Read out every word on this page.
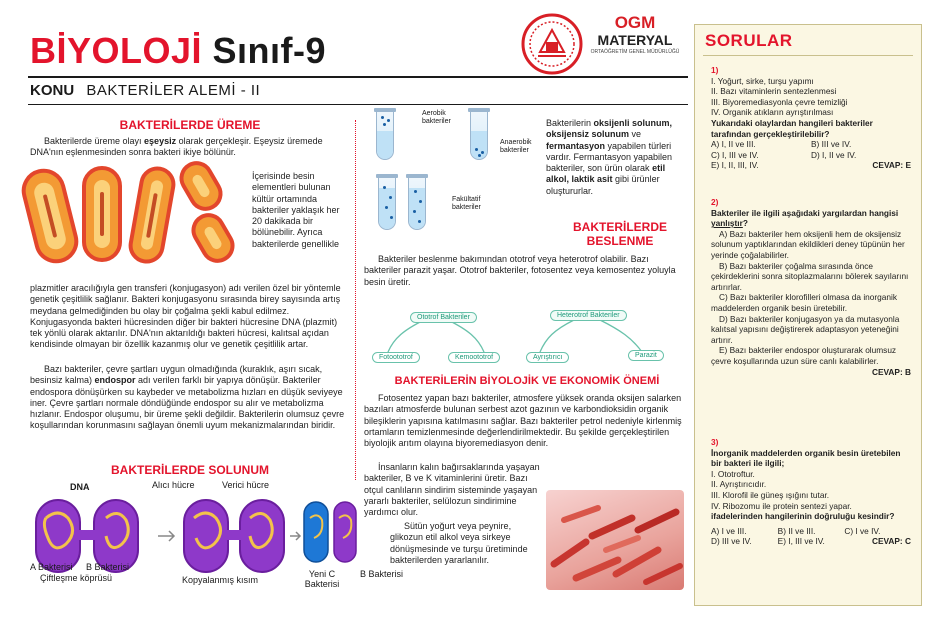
BİYOLOJİ Sınıf-9
KONU BAKTERİLER ALEMİ - II
OGM
MATERYAL
ORTAÖĞRETİM GENEL MÜDÜRLÜĞÜ
BAKTERİLERDE ÜREME
Bakterilerde üreme olayı eşeysiz olarak gerçekleşir. Eşeysiz üremede DNA'nın eşlenmesinden sonra bakteri ikiye bölünür.
İçerisinde besin elementleri bulunan kültür ortamında bakteriler yaklaşık her 20 dakikada bir bölünebilir. Ayrıca bakterilerde genellikle
plazmitler aracılığıyla gen transferi (konjugasyon) adı verilen özel bir yöntemle genetik çeşitlilik sağlanır. Bakteri konjugasyonu sırasında birey sayısında artış meydana gelmediğinden bu olay bir çoğalma şekli kabul edilmez. Konjugasyonda bakteri hücresinden diğer bir bakteri hücresine DNA (plazmit) tek yönlü olarak aktarılır. DNA'nın aktarıldığı bakteri hücresi, kalıtsal açıdan kendisinde olmayan bir özellik kazanmış olur ve genetik çeşitlilik artar.
Bazı bakteriler, çevre şartları uygun olmadığında (kuraklık, aşırı sıcak, besinsiz kalma) endospor adı verilen farklı bir yapıya dönüşür. Bakteriler endospora dönüşürken su kaybeder ve metabolizma hızları en düşük seviyeye iner. Çevre şartları normale döndüğünde endospor su alır ve metabolizma hızlanır. Endospor oluşumu, bir üreme şekli değildir. Bakterilerin olumsuz çevre koşullarından korunmasını sağlayan önemli uyum mekanizmalarından biridir.
BAKTERİLERDE SOLUNUM
DNA	Alıcı hücre	Verici hücre
A Bakterisi B Bakterisi
Çiftleşme köprüsü	Kopyalanmış kısım
Yeni C Bakterisi
B Bakterisi
Aerobik bakteriler
Anaerobik bakteriler
Fakültatif bakteriler
Bakterilerin oksijenli solunum, oksijensiz solunum ve fermantasyon yapabilen türleri vardır. Fermantasyon yapabilen bakteriler, son ürün olarak etil alkol, laktik asit gibi ürünler oluştururlar.
BAKTERİLERDE
BESLENME
Bakteriler beslenme bakımından ototrof veya heterotrof olabilir. Bazı bakteriler parazit yaşar. Ototrof bakteriler, fotosentez veya kemosentez yoluyla besin üretir.
Ototrof Bakteriler	Heterotrof Bakteriler
Fotoototrof	Kemoototrof	Ayrıştırıcı	Parazit
BAKTERİLERİN BİYOLOJİK VE EKONOMİK ÖNEMİ
Fotosentez yapan bazı bakteriler, atmosfere yüksek oranda oksijen salarken bazıları atmosferde bulunan serbest azot gazının ve karbondioksidin organik bileşiklerin yapısına katılmasını sağlar. Bazı bakteriler petrol nedeniyle kirlenmiş ortamların temizlenmesinde değerlendirilmektedir. Bu şekilde gerçekleştirilen biyolojik arıtım olayına biyoremediasyon denir.
İnsanların kalın bağırsaklarında yaşayan bakteriler, B ve K vitaminlerini üretir. Bazı otçul canlıların sindirim sisteminde yaşayan yararlı bakteriler, selülozun sindirimine yardımcı olur.
Sütün yoğurt veya peynire, glikozun etil alkol veya sirkeye dönüşmesinde ve turşu üretiminde bakterilerden yararlanılır.
SORULAR
1)
I. Yoğurt, sirke, turşu yapımı
II. Bazı vitaminlerin sentezlenmesi
III. Biyoremediasyonla çevre temizliği
IV. Organik atıkların ayrıştırılması
Yukarıdaki olaylardan hangileri bakteriler tarafından gerçekleştirilebilir?
A) I, II ve III.	B) III ve IV.
C) I, III ve IV.	D) I, II ve IV.
E) I, II, III, IV.	CEVAP: E
2)
Bakteriler ile ilgili aşağıdaki yargılardan hangisi yanlıştır?
A) Bazı bakteriler hem oksijenli hem de oksijensiz solunum yaptıklarından ekildikleri deney tüpünün her yerinde çoğalabilirler.
B) Bazı bakteriler çoğalma sırasında önce çekirdeklerini sonra sitoplazmalarını bölerek sayılarını artırırlar.
C) Bazı bakteriler klorofilleri olmasa da inorganik maddelerden organik besin üretebilir.
D) Bazı bakteriler konjugasyon ya da mutasyonla kalıtsal yapısını değiştirerek adaptasyon yeteneğini artırır.
E) Bazı bakteriler endospor oluşturarak olumsuz çevre koşullarında uzun süre canlı kalabilirler.
CEVAP: B
3)
İnorganik maddelerden organik besin üretebilen bir bakteri ile ilgili;
I. Ototroftur.
II. Ayrıştırıcıdır.
III. Klorofil ile güneş ışığını tutar.
IV. Ribozomu ile protein sentezi yapar.
ifadelerinden hangilerinin doğruluğu kesindir?
A) I ve III.	B) II ve III.	C) I ve IV.
D) III ve IV.	E) I, III ve IV.	CEVAP: C
